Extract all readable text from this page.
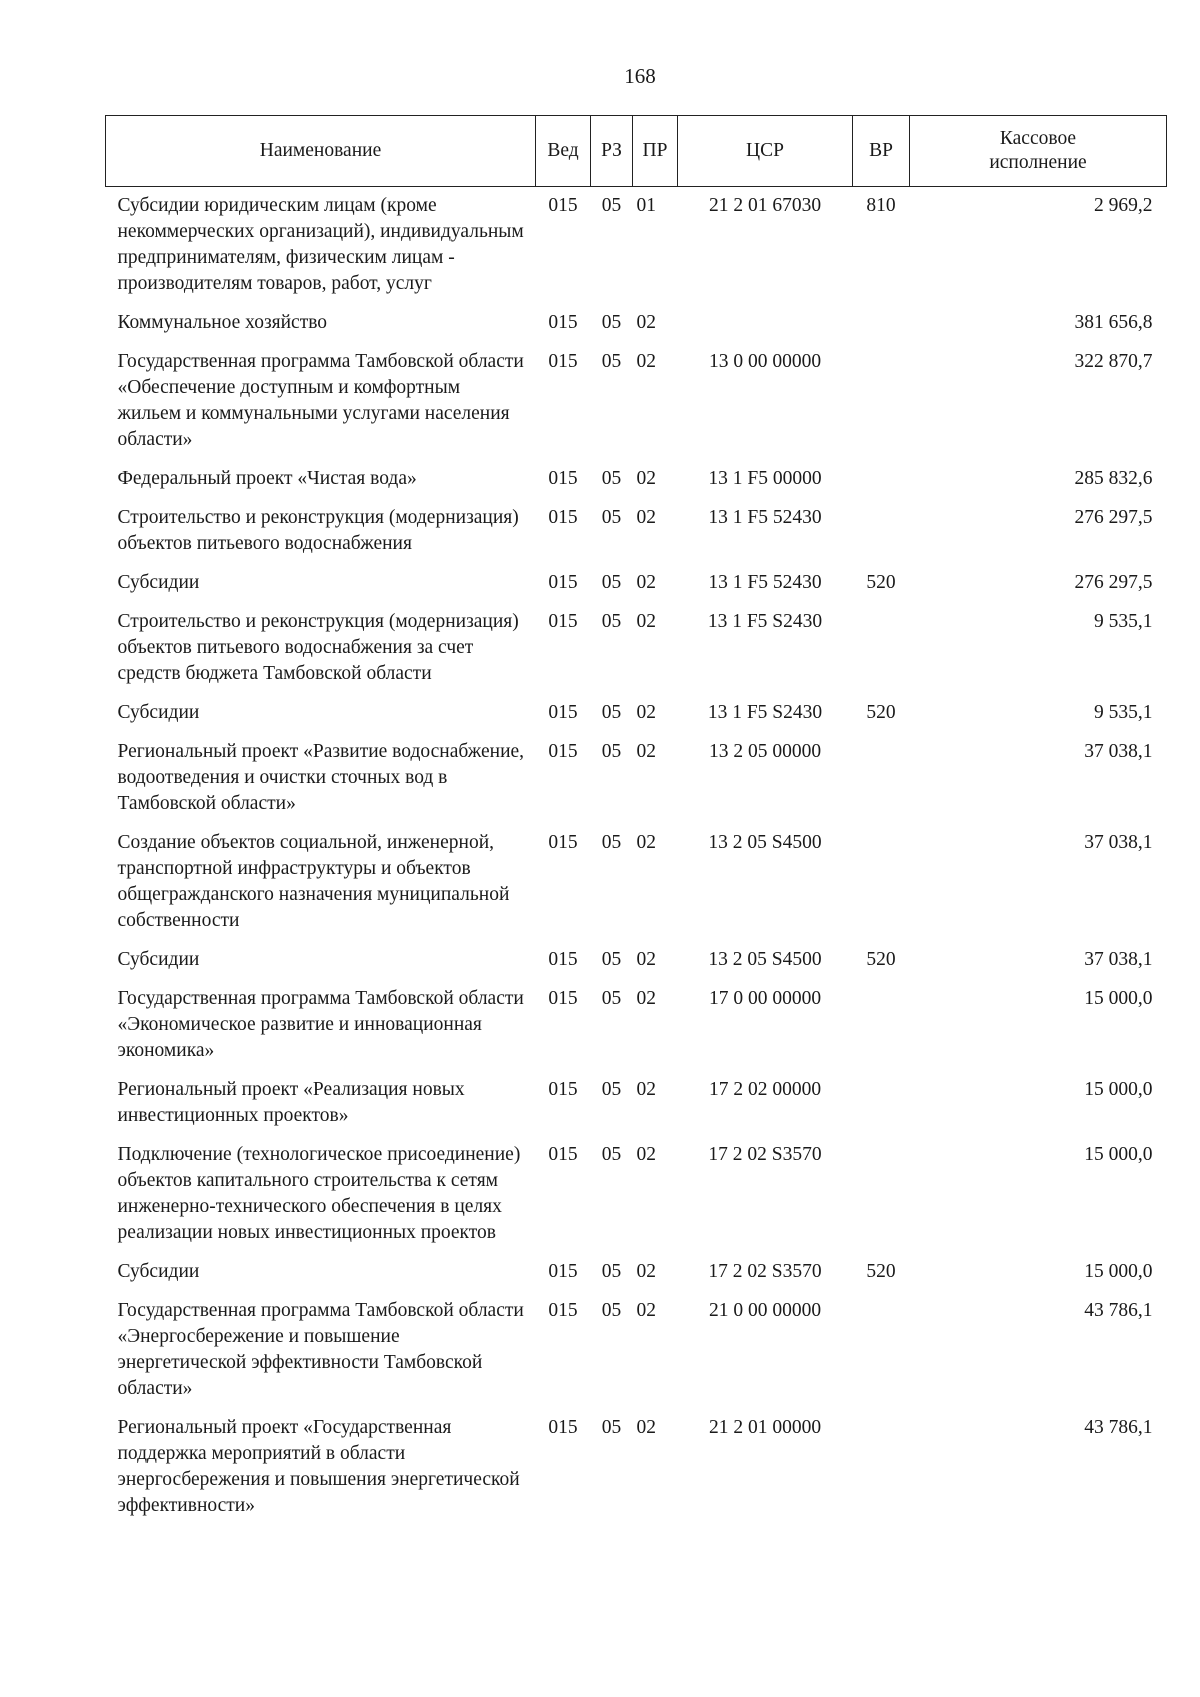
168
Наименование	Вед	РЗ	ПР	ЦСР	ВР	Кассовое исполнение
Субсидии юридическим лицам (кроме некоммерческих организаций), индивидуальным предпринимателям, физическим лицам - производителям товаров, работ, услуг	015	05	01	21 2 01 67030	810	2 969,2
Коммунальное хозяйство	015	05	02			381 656,8
Государственная программа Тамбовской области «Обеспечение доступным и комфортным жильем и коммунальными услугами населения области»	015	05	02	13 0 00 00000		322 870,7
Федеральный проект «Чистая вода»	015	05	02	13 1 F5 00000		285 832,6
Строительство и реконструкция (модернизация) объектов питьевого водоснабжения	015	05	02	13 1 F5 52430		276 297,5
Субсидии	015	05	02	13 1 F5 52430	520	276 297,5
Строительство и реконструкция (модернизация) объектов питьевого водоснабжения за счет средств бюджета Тамбовской области	015	05	02	13 1 F5 S2430		9 535,1
Субсидии	015	05	02	13 1 F5 S2430	520	9 535,1
Региональный проект «Развитие водоснабжение, водоотведения и очистки сточных вод в Тамбовской области»	015	05	02	13 2 05 00000		37 038,1
Создание объектов социальной, инженерной, транспортной инфраструктуры и объектов общегражданского назначения муниципальной собственности	015	05	02	13 2 05 S4500		37 038,1
Субсидии	015	05	02	13 2 05 S4500	520	37 038,1
Государственная программа Тамбовской области «Экономическое развитие и инновационная экономика»	015	05	02	17 0 00 00000		15 000,0
Региональный проект «Реализация новых инвестиционных проектов»	015	05	02	17 2 02 00000		15 000,0
Подключение (технологическое присоединение) объектов капитального строительства к сетям инженерно-технического обеспечения в целях реализации новых инвестиционных проектов	015	05	02	17 2 02 S3570		15 000,0
Субсидии	015	05	02	17 2 02 S3570	520	15 000,0
Государственная программа Тамбовской области «Энергосбережение и повышение энергетической эффективности Тамбовской области»	015	05	02	21 0 00 00000		43 786,1
Региональный проект «Государственная поддержка мероприятий в области энергосбережения и повышения энергетической эффективности»	015	05	02	21 2 01 00000		43 786,1
